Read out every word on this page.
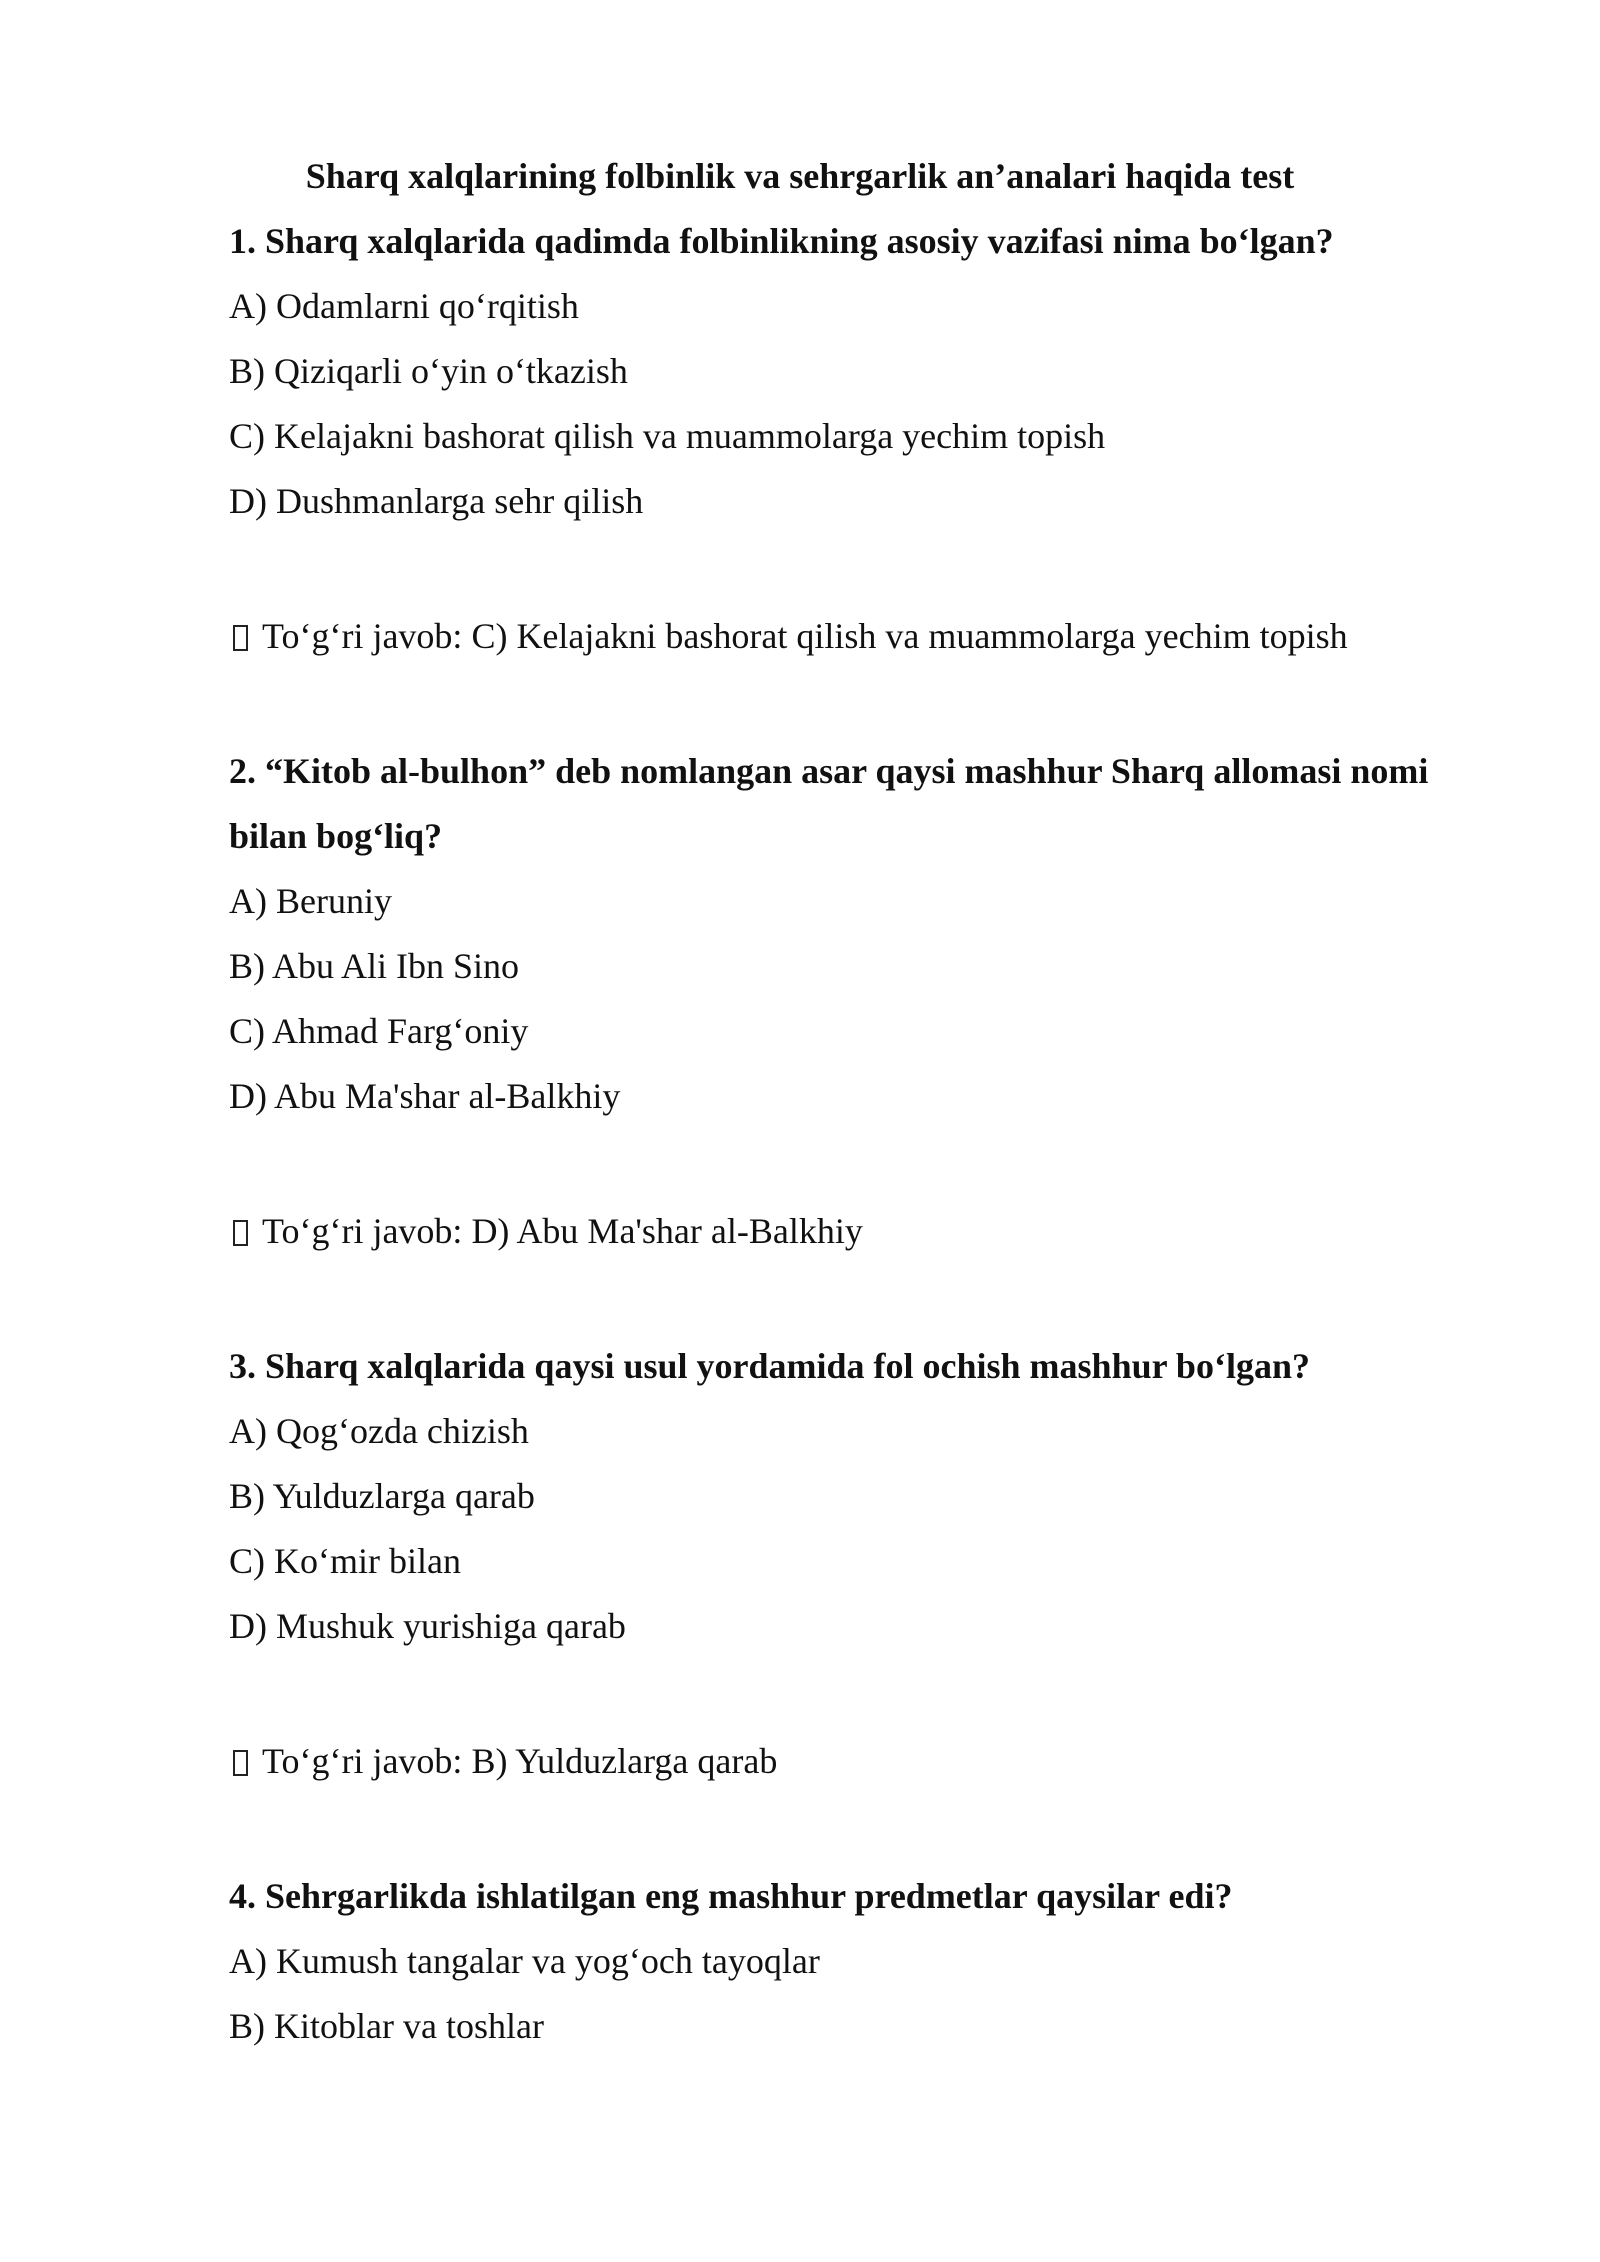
Sharq xalqlarining folbinlik va sehrgarlik an’analari haqida test
1. Sharq xalqlarida qadimda folbinlikning asosiy vazifasi nima bo‘lgan?
A) Odamlarni qo‘rqitish
B) Qiziqarli o‘yin o‘tkazish
C) Kelajakni bashorat qilish va muammolarga yechim topish
D) Dushmanlarga sehr qilish
To‘g‘ri javob: C) Kelajakni bashorat qilish va muammolarga yechim topish
2. “Kitob al-bulhon” deb nomlangan asar qaysi mashhur Sharq allomasi nomi
bilan bog‘liq?
A) Beruniy
B) Abu Ali Ibn Sino
C) Ahmad Farg‘oniy
D) Abu Ma'shar al-Balkhiy
To‘g‘ri javob: D) Abu Ma'shar al-Balkhiy
3. Sharq xalqlarida qaysi usul yordamida fol ochish mashhur bo‘lgan?
A) Qog‘ozda chizish
B) Yulduzlarga qarab
C) Ko‘mir bilan
D) Mushuk yurishiga qarab
To‘g‘ri javob: B) Yulduzlarga qarab
4. Sehrgarlikda ishlatilgan eng mashhur predmetlar qaysilar edi?
A) Kumush tangalar va yog‘och tayoqlar
B) Kitoblar va toshlar
